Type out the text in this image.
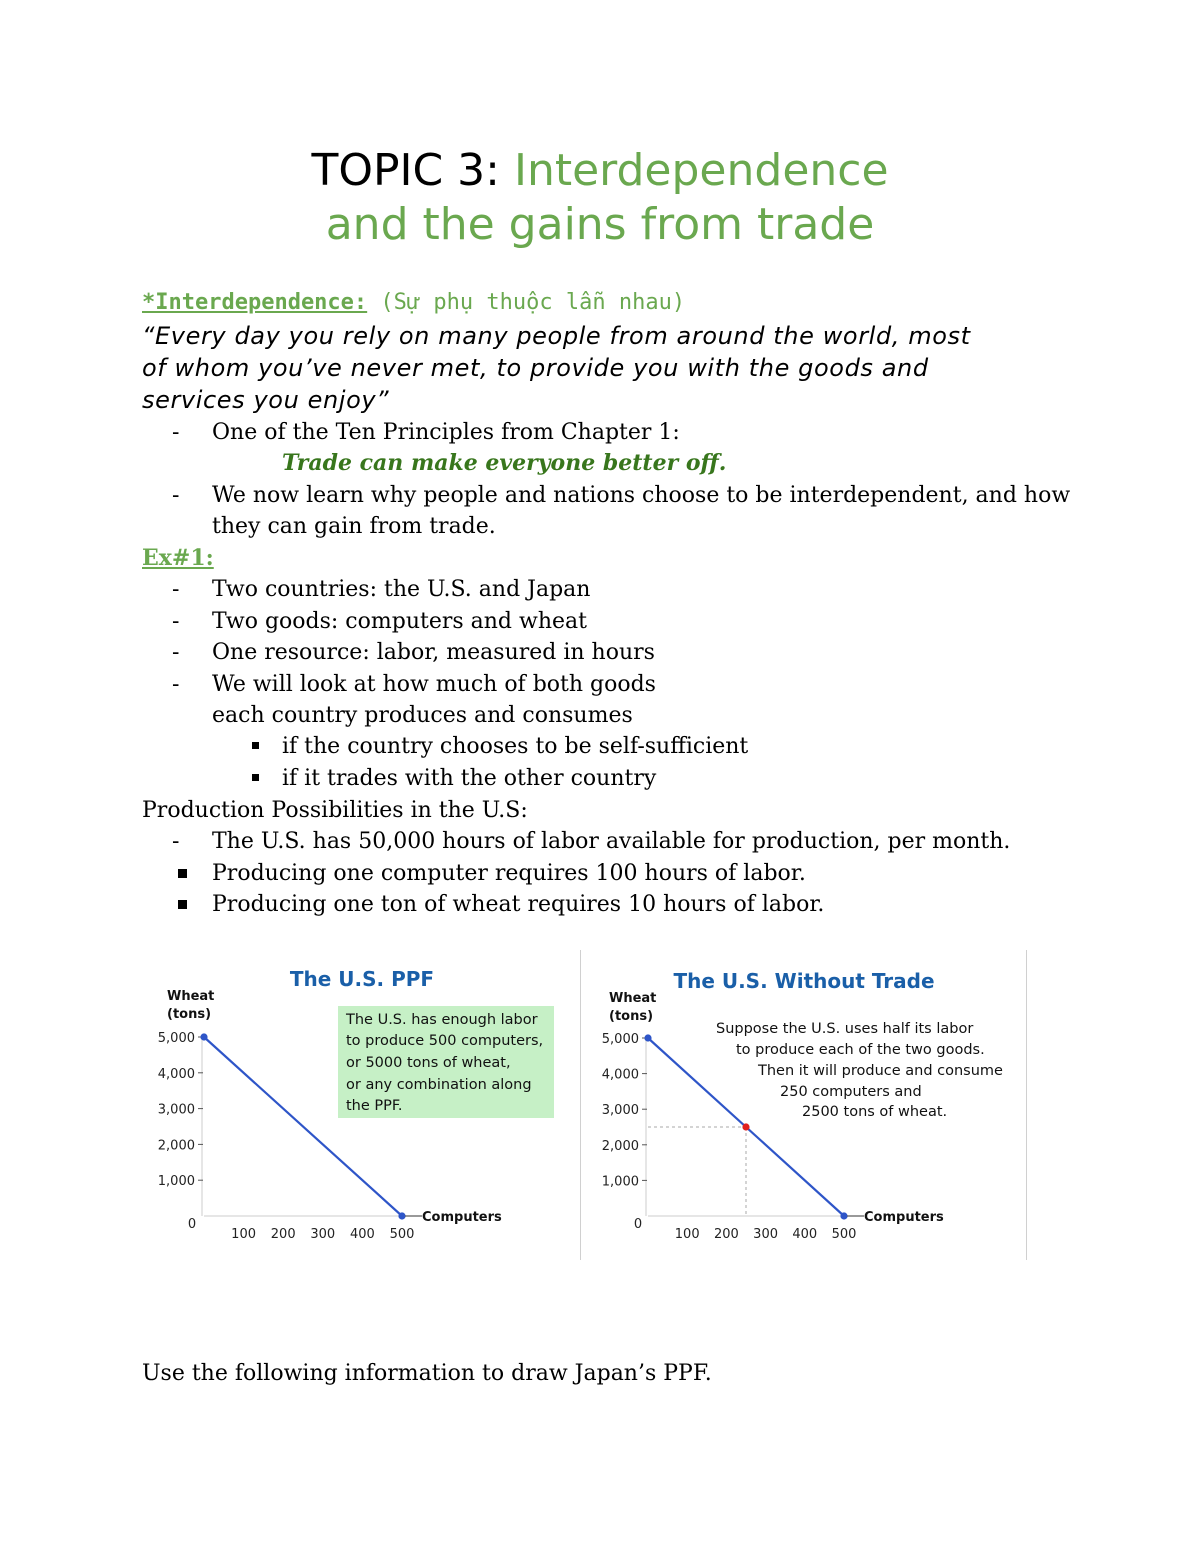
TOPIC 3: Interdependence
and the gains from trade
*Interdependence: (Sự phụ thuộc lẫn nhau)
“Every day you rely on many people from around the world, most
of whom you’ve never met, to provide you with the goods and
services you enjoy”
- One of the Ten Principles from Chapter 1:
Trade can make everyone better off.
- We now learn why people and nations choose to be interdependent, and how
they can gain from trade.
Ex#1:
- Two countries: the U.S. and Japan
- Two goods: computers and wheat
- One resource: labor, measured in hours
- We will look at how much of both goods
each country produces and consumes
if the country chooses to be self-sufficient
if it trades with the other country
Production Possibilities in the U.S:
- The U.S. has 50,000 hours of labor available for production, per month.
Producing one computer requires 100 hours of labor.
Producing one ton of wheat requires 10 hours of labor.
The U.S. PPF
Wheat
(tons)
1,000
2,000
3,000
4,000
5,000
100 200 300 400 500
0
The U.S. has enough labor
to produce 500 computers,
or 5000 tons of wheat,
or any combination along
the PPF.
Computers
The U.S. Without Trade
Wheat
(tons)
1,000
2,000
3,000
4,000
5,000
100 200 300 400 500
0
Suppose the U.S. uses half its labor
to produce each of the two goods.
Then it will produce and consume
250 computers and
2500 tons of wheat.
Computers
Use the following information to draw Japan’s PPF.
